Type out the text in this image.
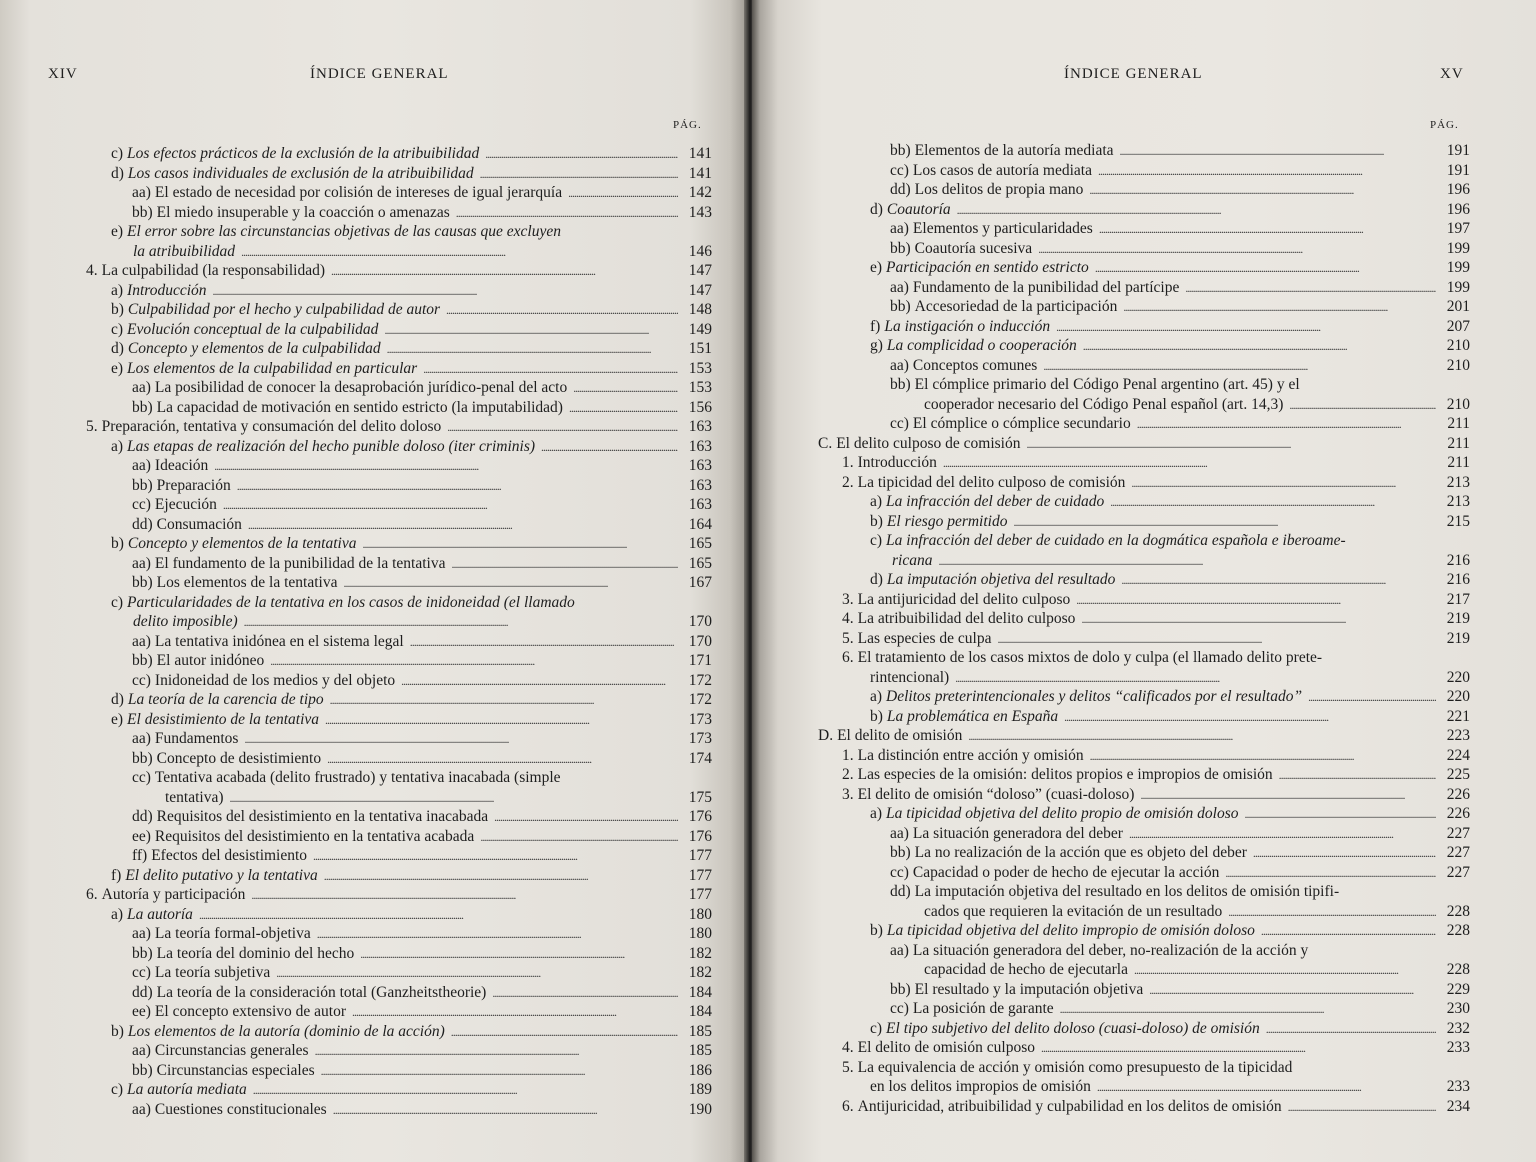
XIV	ÍNDICE GENERAL
PÁG.
c) Los efectos prácticos de la exclusión de la atribuibilidad . . .	141
d) Los casos individuales de exclusión de la atribuibilidad . . .	141
aa) El estado de necesidad por colisión de intereses de igual jerarquía . . .	142
bb) El miedo insuperable y la coacción o amenazas . . .	143
e) El error sobre las circunstancias objetivas de las causas que excluyen
la atribuibilidad . . .	146
4. La culpabilidad (la responsabilidad) . . .	147
a) Introducción . . .	147
b) Culpabilidad por el hecho y culpabilidad de autor . . .	148
c) Evolución conceptual de la culpabilidad . . .	149
d) Concepto y elementos de la culpabilidad . . .	151
e) Los elementos de la culpabilidad en particular . . .	153
aa) La posibilidad de conocer la desaprobación jurídico-penal del acto . . .	153
bb) La capacidad de motivación en sentido estricto (la imputabilidad) . . .	156
5. Preparación, tentativa y consumación del delito doloso . . .	163
a) Las etapas de realización del hecho punible doloso (iter criminis) . . .	163
aa) Ideación . . .	163
bb) Preparación . . .	163
cc) Ejecución . . .	163
dd) Consumación . . .	164
b) Concepto y elementos de la tentativa . . .	165
aa) El fundamento de la punibilidad de la tentativa . . .	165
bb) Los elementos de la tentativa . . .	167
c) Particularidades de la tentativa en los casos de inidoneidad (el llamado
delito imposible) . . .	170
aa) La tentativa inidónea en el sistema legal . . .	170
bb) El autor inidóneo . . .	171
cc) Inidoneidad de los medios y del objeto . . .	172
d) La teoría de la carencia de tipo . . .	172
e) El desistimiento de la tentativa . . .	173
aa) Fundamentos . . .	173
bb) Concepto de desistimiento . . .	174
cc) Tentativa acabada (delito frustrado) y tentativa inacabada (simple
tentativa) . . .	175
dd) Requisitos del desistimiento en la tentativa inacabada . . .	176
ee) Requisitos del desistimiento en la tentativa acabada . . .	176
ff) Efectos del desistimiento . . .	177
f) El delito putativo y la tentativa . . .	177
6. Autoría y participación . . .	177
a) La autoría . . .	180
aa) La teoría formal-objetiva . . .	180
bb) La teoría del dominio del hecho . . .	182
cc) La teoría subjetiva . . .	182
dd) La teoría de la consideración total (Ganzheitstheorie) . . .	184
ee) El concepto extensivo de autor . . .	184
b) Los elementos de la autoría (dominio de la acción) . . .	185
aa) Circunstancias generales . . .	185
bb) Circunstancias especiales . . .	186
c) La autoría mediata . . .	189
aa) Cuestiones constitucionales . . .	190
ÍNDICE GENERAL	XV
PÁG.
bb) Elementos de la autoría mediata . . .	191
cc) Los casos de autoría mediata . . .	191
dd) Los delitos de propia mano . . .	196
d) Coautoría . . .	196
aa) Elementos y particularidades . . .	197
bb) Coautoría sucesiva . . .	199
e) Participación en sentido estricto . . .	199
aa) Fundamento de la punibilidad del partícipe . . .	199
bb) Accesoriedad de la participación . . .	201
f) La instigación o inducción . . .	207
g) La complicidad o cooperación . . .	210
aa) Conceptos comunes . . .	210
bb) El cómplice primario del Código Penal argentino (art. 45) y el
cooperador necesario del Código Penal español (art. 14,3) . . .	210
cc) El cómplice o cómplice secundario . . .	211
C. El delito culposo de comisión . . .	211
1. Introducción . . .	211
2. La tipicidad del delito culposo de comisión . . .	213
a) La infracción del deber de cuidado . . .	213
b) El riesgo permitido . . .	215
c) La infracción del deber de cuidado en la dogmática española e iberoame-
ricana . . .	216
d) La imputación objetiva del resultado . . .	216
3. La antijuricidad del delito culposo . . .	217
4. La atribuibilidad del delito culposo . . .	219
5. Las especies de culpa . . .	219
6. El tratamiento de los casos mixtos de dolo y culpa (el llamado delito prete-
rintencional) . . .	220
a) Delitos preterintencionales y delitos “calificados por el resultado” . . .	220
b) La problemática en España . . .	221
D. El delito de omisión . . .	223
1. La distinción entre acción y omisión . . .	224
2. Las especies de la omisión: delitos propios e impropios de omisión . . .	225
3. El delito de omisión “doloso” (cuasi-doloso) . . .	226
a) La tipicidad objetiva del delito propio de omisión doloso . . .	226
aa) La situación generadora del deber . . .	227
bb) La no realización de la acción que es objeto del deber . . .	227
cc) Capacidad o poder de hecho de ejecutar la acción . . .	227
dd) La imputación objetiva del resultado en los delitos de omisión tipifi-
cados que requieren la evitación de un resultado . . .	228
b) La tipicidad objetiva del delito impropio de omisión doloso . . .	228
aa) La situación generadora del deber, no-realización de la acción y
capacidad de hecho de ejecutarla . . .	228
bb) El resultado y la imputación objetiva . . .	229
cc) La posición de garante . . .	230
c) El tipo subjetivo del delito doloso (cuasi-doloso) de omisión . . .	232
4. El delito de omisión culposo . . .	233
5. La equivalencia de acción y omisión como presupuesto de la tipicidad
en los delitos impropios de omisión . . .	233
6. Antijuricidad, atribuibilidad y culpabilidad en los delitos de omisión . . .	234
